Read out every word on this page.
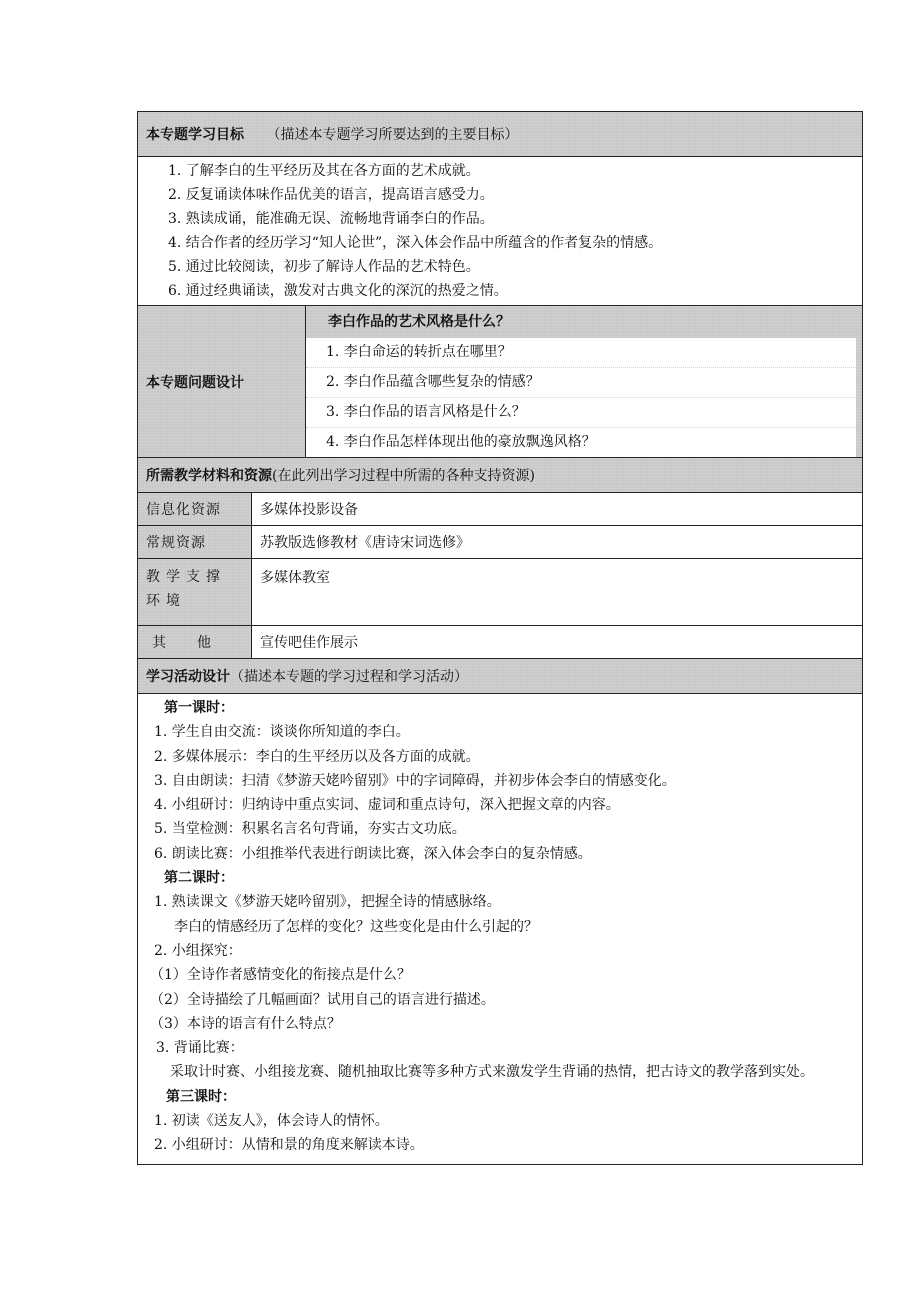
本专题学习目标 （描述本专题学习所要达到的主要目标）		

1. 了解李白的生平经历及其在各方面的艺术成就。
2. 反复诵读体味作品优美的语言，提高语言感受力。
3. 熟读成诵，能准确无误、流畅地背诵李白的作品。
4. 结合作者的经历学习“知人论世”，深入体会作品中所蕴含的作者复杂的情感。
5. 通过比较阅读，初步了解诗人作品的艺术特色。
6. 通过经典诵读，激发对古典文化的深沉的热爱之情。

本专题问题设计		李白作品的艺术风格是什么？
1. 李白命运的转折点在哪里？
2. 李白作品蕴含哪些复杂的情感？
3. 李白作品的语言风格是什么？
4. 李白作品怎样体现出他的豪放飘逸风格？

所需教学材料和资源(在此列出学习过程中所需的各种支持资源)		
信息化资源	多媒体投影设备	
常规资源	苏教版选修教材《唐诗宋词选修》	
教学支撑环境	多媒体教室	
其　　他	宣传吧佳作展示	
学习活动设计（描述本专题的学习过程和学习活动）		

第一课时：
1. 学生自由交流：谈谈你所知道的李白。
2. 多媒体展示：李白的生平经历以及各方面的成就。
3. 自由朗读：扫清《梦游天姥吟留别》中的字词障碍，并初步体会李白的情感变化。
4. 小组研讨：归纳诗中重点实词、虚词和重点诗句，深入把握文章的内容。
5. 当堂检测：积累名言名句背诵，夯实古文功底。
6. 朗读比赛：小组推举代表进行朗读比赛，深入体会李白的复杂情感。
第二课时：
1. 熟读课文《梦游天姥吟留别》，把握全诗的情感脉络。
李白的情感经历了怎样的变化？这些变化是由什么引起的？
2. 小组探究：
（1）全诗作者感情变化的衔接点是什么？
（2）全诗描绘了几幅画面？试用自己的语言进行描述。
（3）本诗的语言有什么特点？
3. 背诵比赛：
采取计时赛、小组接龙赛、随机抽取比赛等多种方式来激发学生背诵的热情，把古诗文的教学落到实处。
第三课时：
1. 初读《送友人》，体会诗人的情怀。
2. 小组研讨：从情和景的角度来解读本诗。
